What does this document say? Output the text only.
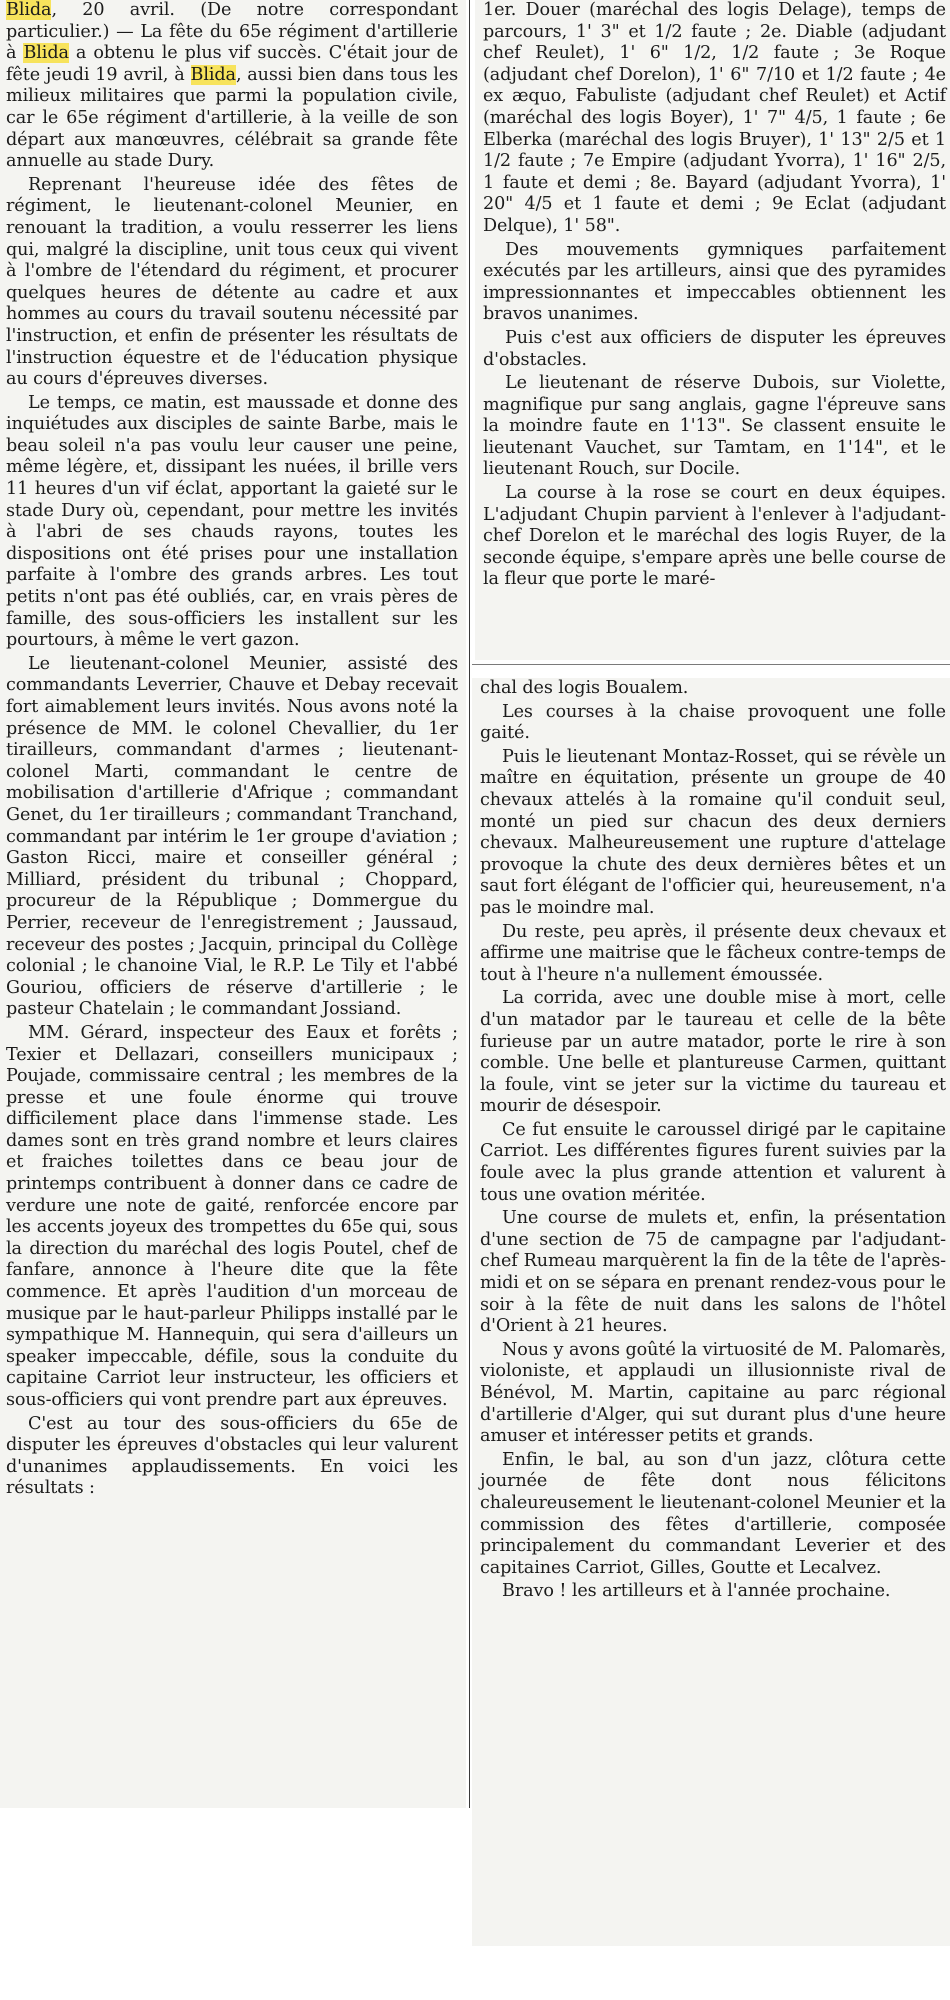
Blida, 20 avril. (De notre correspondant particulier.) — La fête du 65e régiment d'artillerie à Blida a obtenu le plus vif succès. C'était jour de fête jeudi 19 avril, à Blida, aussi bien dans tous les milieux militaires que parmi la population civile, car le 65e régiment d'artillerie, à la veille de son départ aux manœuvres, célébrait sa grande fête annuelle au stade Dury.

Reprenant l'heureuse idée des fêtes de régiment, le lieutenant-colonel Meunier, en renouant la tradition, a voulu resserrer les liens qui, malgré la discipline, unit tous ceux qui vivent à l'ombre de l'étendard du régiment, et procurer quelques heures de détente au cadre et aux hommes au cours du travail soutenu nécessité par l'instruction, et enfin de présenter les résultats de l'instruction équestre et de l'éducation physique au cours d'épreuves diverses.

Le temps, ce matin, est maussade et donne des inquiétudes aux disciples de sainte Barbe, mais le beau soleil n'a pas voulu leur causer une peine, même légère, et, dissipant les nuées, il brille vers 11 heures d'un vif éclat, apportant la gaieté sur le stade Dury où, cependant, pour mettre les invités à l'abri de ses chauds rayons, toutes les dispositions ont été prises pour une installation parfaite à l'ombre des grands arbres. Les tout petits n'ont pas été oubliés, car, en vrais pères de famille, des sous-officiers les installent sur les pourtours, à même le vert gazon.

Le lieutenant-colonel Meunier, assisté des commandants Leverrier, Chauve et Debay recevait fort aimablement leurs invités. Nous avons noté la présence de MM. le colonel Chevallier, du 1er tirailleurs, commandant d'armes ; lieutenant-colonel Marti, commandant le centre de mobilisation d'artillerie d'Afrique ; commandant Genet, du 1er tirailleurs ; commandant Tranchand, commandant par intérim le 1er groupe d'aviation ; Gaston Ricci, maire et conseiller général ; Milliard, président du tribunal ; Choppard, procureur de la République ; Dommergue du Perrier, receveur de l'enregistrement ; Jaussaud, receveur des postes ; Jacquin, principal du Collège colonial ; le chanoine Vial, le R.P. Le Tily et l'abbé Gouriou, officiers de réserve d'artillerie ; le pasteur Chatelain ; le commandant Jossiand.

MM. Gérard, inspecteur des Eaux et forêts ; Texier et Dellazari, conseillers municipaux ; Poujade, commissaire central ; les membres de la presse et une foule énorme qui trouve difficilement place dans l'immense stade. Les dames sont en très grand nombre et leurs claires et fraiches toilettes dans ce beau jour de printemps contribuent à donner dans ce cadre de verdure une note de gaité, renforcée encore par les accents joyeux des trompettes du 65e qui, sous la direction du maréchal des logis Poutel, chef de fanfare, annonce à l'heure dite que la fête commence. Et après l'audition d'un morceau de musique par le haut-parleur Philipps installé par le sympathique M. Hannequin, qui sera d'ailleurs un speaker impeccable, défile, sous la conduite du capitaine Carriot leur instructeur, les officiers et sous-officiers qui vont prendre part aux épreuves.

C'est au tour des sous-officiers du 65e de disputer les épreuves d'obstacles qui leur valurent d'unanimes applaudissements. En voici les résultats :

1er. Douer (maréchal des logis Delage), temps de parcours, 1' 3" et 1/2 faute ; 2e. Diable (adjudant chef Reulet), 1' 6" 1/2, 1/2 faute ; 3e Roque (adjudant chef Dorelon), 1' 6" 7/10 et 1/2 faute ; 4e ex æquo, Fabuliste (adjudant chef Reulet) et Actif (maréchal des logis Boyer), 1' 7" 4/5, 1 faute ; 6e Elberka (maréchal des logis Bruyer), 1' 13" 2/5 et 1 1/2 faute ; 7e Empire (adjudant Yvorra), 1' 16" 2/5, 1 faute et demi ; 8e. Bayard (adjudant Yvorra), 1' 20" 4/5 et 1 faute et demi ; 9e Eclat (adjudant Delque), 1' 58".

Des mouvements gymniques parfaitement exécutés par les artilleurs, ainsi que des pyramides impressionnantes et impeccables obtiennent les bravos unanimes.

Puis c'est aux officiers de disputer les épreuves d'obstacles.

Le lieutenant de réserve Dubois, sur Violette, magnifique pur sang anglais, gagne l'épreuve sans la moindre faute en 1'13". Se classent ensuite le lieutenant Vauchet, sur Tamtam, en 1'14", et le lieutenant Rouch, sur Docile.

La course à la rose se court en deux équipes. L'adjudant Chupin parvient à l'enlever à l'adjudant-chef Dorelon et le maréchal des logis Ruyer, de la seconde équipe, s'empare après une belle course de la fleur que porte le maré-

chal des logis Boualem.

Les courses à la chaise provoquent une folle gaité.

Puis le lieutenant Montaz-Rosset, qui se révèle un maître en équitation, présente un groupe de 40 chevaux attelés à la romaine qu'il conduit seul, monté un pied sur chacun des deux derniers chevaux. Malheureusement une rupture d'attelage provoque la chute des deux dernières bêtes et un saut fort élégant de l'officier qui, heureusement, n'a pas le moindre mal.

Du reste, peu après, il présente deux chevaux et affirme une maitrise que le fâcheux contre-temps de tout à l'heure n'a nullement émoussée.

La corrida, avec une double mise à mort, celle d'un matador par le taureau et celle de la bête furieuse par un autre matador, porte le rire à son comble. Une belle et plantureuse Carmen, quittant la foule, vint se jeter sur la victime du taureau et mourir de désespoir.

Ce fut ensuite le caroussel dirigé par le capitaine Carriot. Les différentes figures furent suivies par la foule avec la plus grande attention et valurent à tous une ovation méritée.

Une course de mulets et, enfin, la présentation d'une section de 75 de campagne par l'adjudant-chef Rumeau marquèrent la fin de la tête de l'après-midi et on se sépara en prenant rendez-vous pour le soir à la fête de nuit dans les salons de l'hôtel d'Orient à 21 heures.

Nous y avons goûté la virtuosité de M. Palomarès, violoniste, et applaudi un illusionniste rival de Bénévol, M. Martin, capitaine au parc régional d'artillerie d'Alger, qui sut durant plus d'une heure amuser et intéresser petits et grands.

Enfin, le bal, au son d'un jazz, clôtura cette journée de fête dont nous félicitons chaleureusement le lieutenant-colonel Meunier et la commission des fêtes d'artillerie, composée principalement du commandant Leverier et des capitaines Carriot, Gilles, Goutte et Lecalvez.

Bravo ! les artilleurs et à l'année prochaine.
